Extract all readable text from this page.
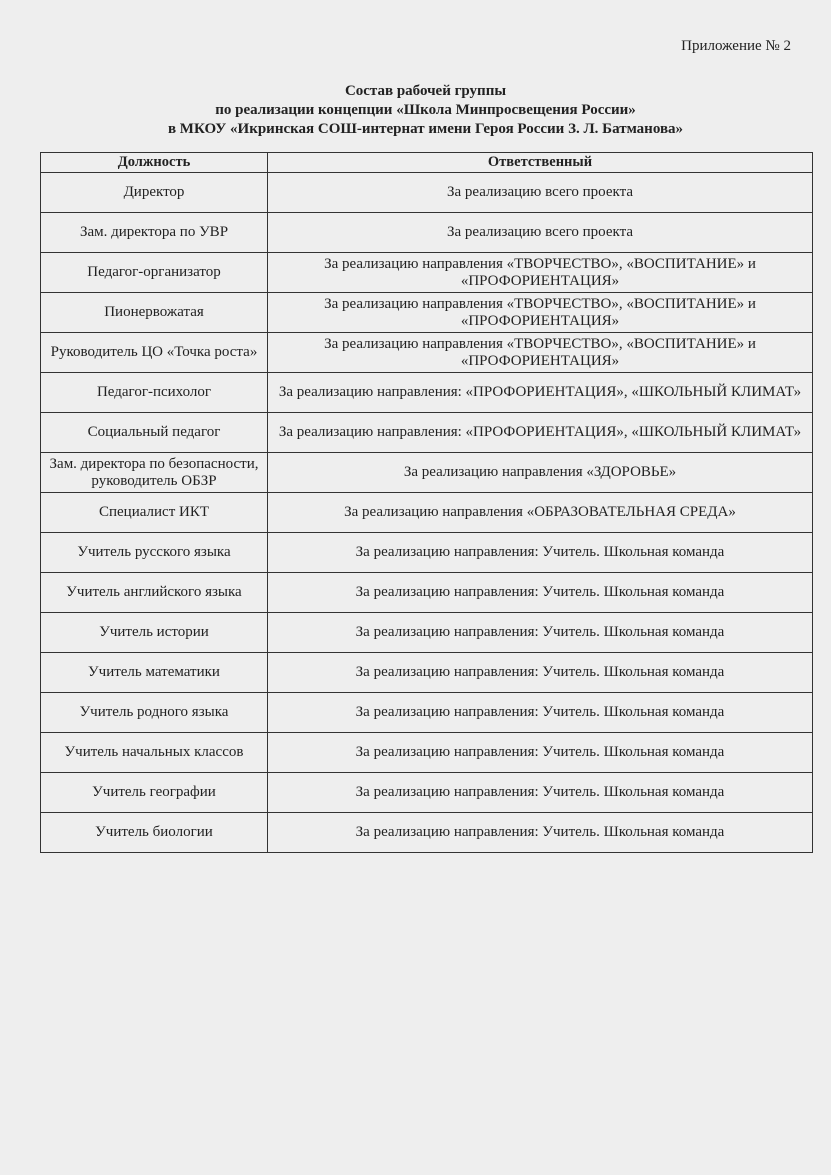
Приложение № 2
Состав рабочей группы
по реализации концепции «Школа Минпросвещения России»
в МКОУ «Икринская СОШ-интернат имени Героя России З. Л. Батманова»
Должность	Ответственный
Директор	За реализацию всего проекта
Зам. директора по УВР	За реализацию всего проекта
Педагог-организатор	За реализацию направления «ТВОРЧЕСТВО», «ВОСПИТАНИЕ» и «ПРОФОРИЕНТАЦИЯ»
Пионервожатая	За реализацию направления «ТВОРЧЕСТВО», «ВОСПИТАНИЕ» и «ПРОФОРИЕНТАЦИЯ»
Руководитель ЦО «Точка роста»	За реализацию направления «ТВОРЧЕСТВО», «ВОСПИТАНИЕ» и «ПРОФОРИЕНТАЦИЯ»
Педагог-психолог	За реализацию направления: «ПРОФОРИЕНТАЦИЯ», «ШКОЛЬНЫЙ КЛИМАТ»
Социальный педагог	За реализацию направления: «ПРОФОРИЕНТАЦИЯ», «ШКОЛЬНЫЙ КЛИМАТ»
Зам. директора по безопасности, руководитель ОБЗР	За реализацию направления «ЗДОРОВЬЕ»
Специалист ИКТ	За реализацию направления «ОБРАЗОВАТЕЛЬНАЯ СРЕДА»
Учитель русского языка	За реализацию направления: Учитель. Школьная команда
Учитель английского языка	За реализацию направления: Учитель. Школьная команда
Учитель истории	За реализацию направления: Учитель. Школьная команда
Учитель математики	За реализацию направления: Учитель. Школьная команда
Учитель родного языка	За реализацию направления: Учитель. Школьная команда
Учитель начальных классов	За реализацию направления: Учитель. Школьная команда
Учитель географии	За реализацию направления: Учитель. Школьная команда
Учитель биологии	За реализацию направления: Учитель. Школьная команда
